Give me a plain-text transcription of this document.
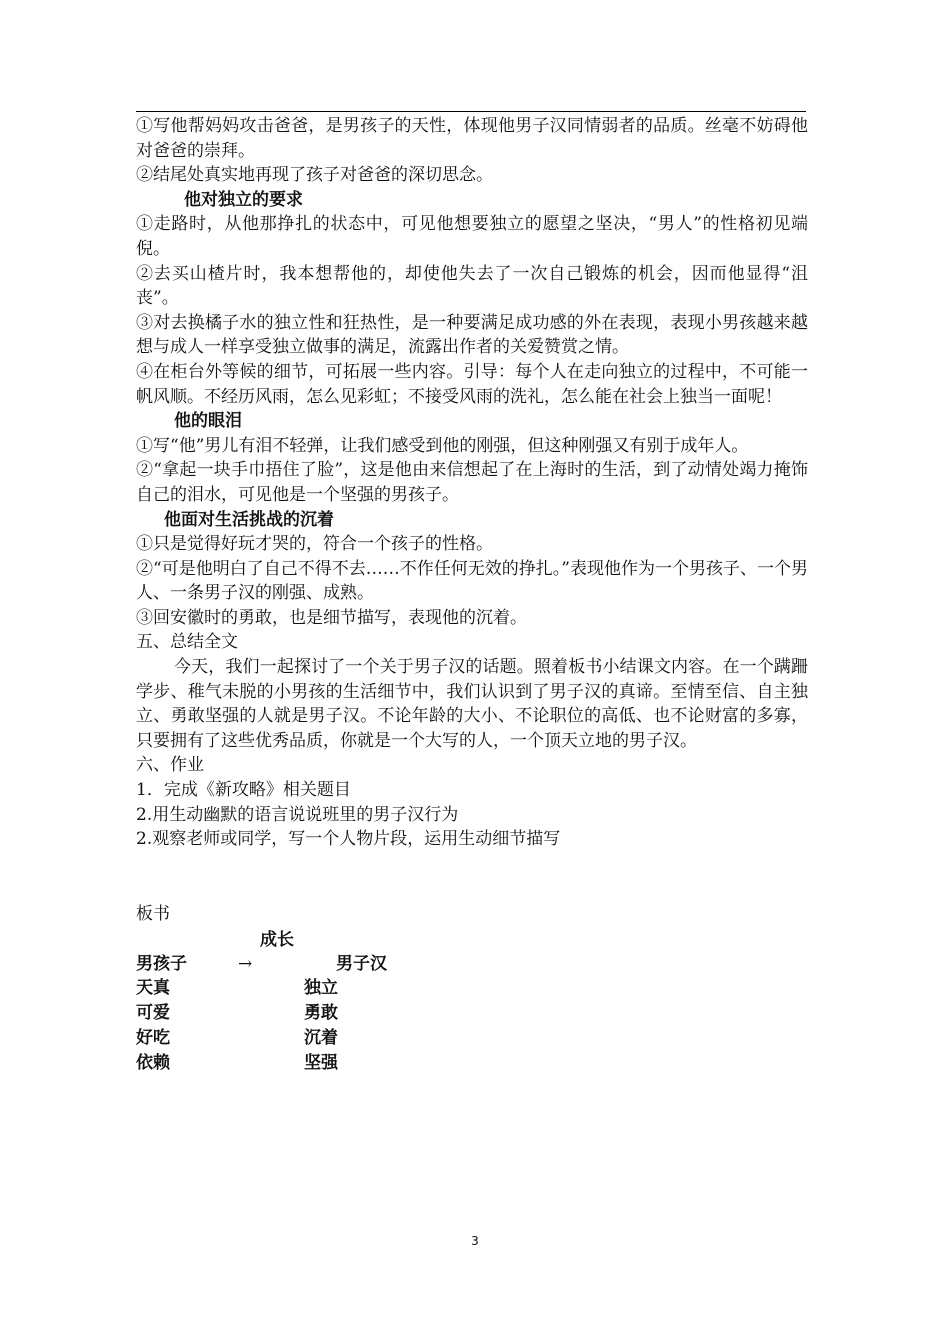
①写他帮妈妈攻击爸爸，是男孩子的天性，体现他男子汉同情弱者的品质。丝毫不妨碍他对爸爸的崇拜。

②结尾处真实地再现了孩子对爸爸的深切思念。

他对独立的要求

①走路时，从他那挣扎的状态中，可见他想要独立的愿望之坚决，“男人”的性格初见端倪。

②去买山楂片时，我本想帮他的，却使他失去了一次自己锻炼的机会，因而他显得“沮丧”。

③对去换橘子水的独立性和狂热性，是一种要满足成功感的外在表现，表现小男孩越来越想与成人一样享受独立做事的满足，流露出作者的关爱赞赏之情。

④在柜台外等候的细节，可拓展一些内容。引导：每个人在走向独立的过程中，不可能一帆风顺。不经历风雨，怎么见彩虹；不接受风雨的洗礼，怎么能在社会上独当一面呢！

他的眼泪

①写“他”男儿有泪不轻弹，让我们感受到他的刚强，但这种刚强又有别于成年人。

②“拿起一块手巾捂住了脸”，这是他由来信想起了在上海时的生活，到了动情处竭力掩饰自己的泪水，可见他是一个坚强的男孩子。

他面对生活挑战的沉着

①只是觉得好玩才哭的，符合一个孩子的性格。

②“可是他明白了自己不得不去……不作任何无效的挣扎。”表现他作为一个男孩子、一个男人、一条男子汉的刚强、成熟。

③回安徽时的勇敢，也是细节描写，表现他的沉着。

五、总结全文

今天，我们一起探讨了一个关于男子汉的话题。照着板书小结课文内容。在一个蹒跚学步、稚气未脱的小男孩的生活细节中，我们认识到了男子汉的真谛。至情至信、自主独立、勇敢坚强的人就是男子汉。不论年龄的大小、不论职位的高低、也不论财富的多寡，只要拥有了这些优秀品质，你就是一个大写的人，一个顶天立地的男子汉。

六、作业

1．完成《新攻略》相关题目

2.用生动幽默的语言说说班里的男子汉行为

2.观察老师或同学，写一个人物片段，运用生动细节描写

板书

成长
男孩子	→	男子汉
天真	独立
可爱	勇敢
好吃	沉着
依赖	坚强
3
